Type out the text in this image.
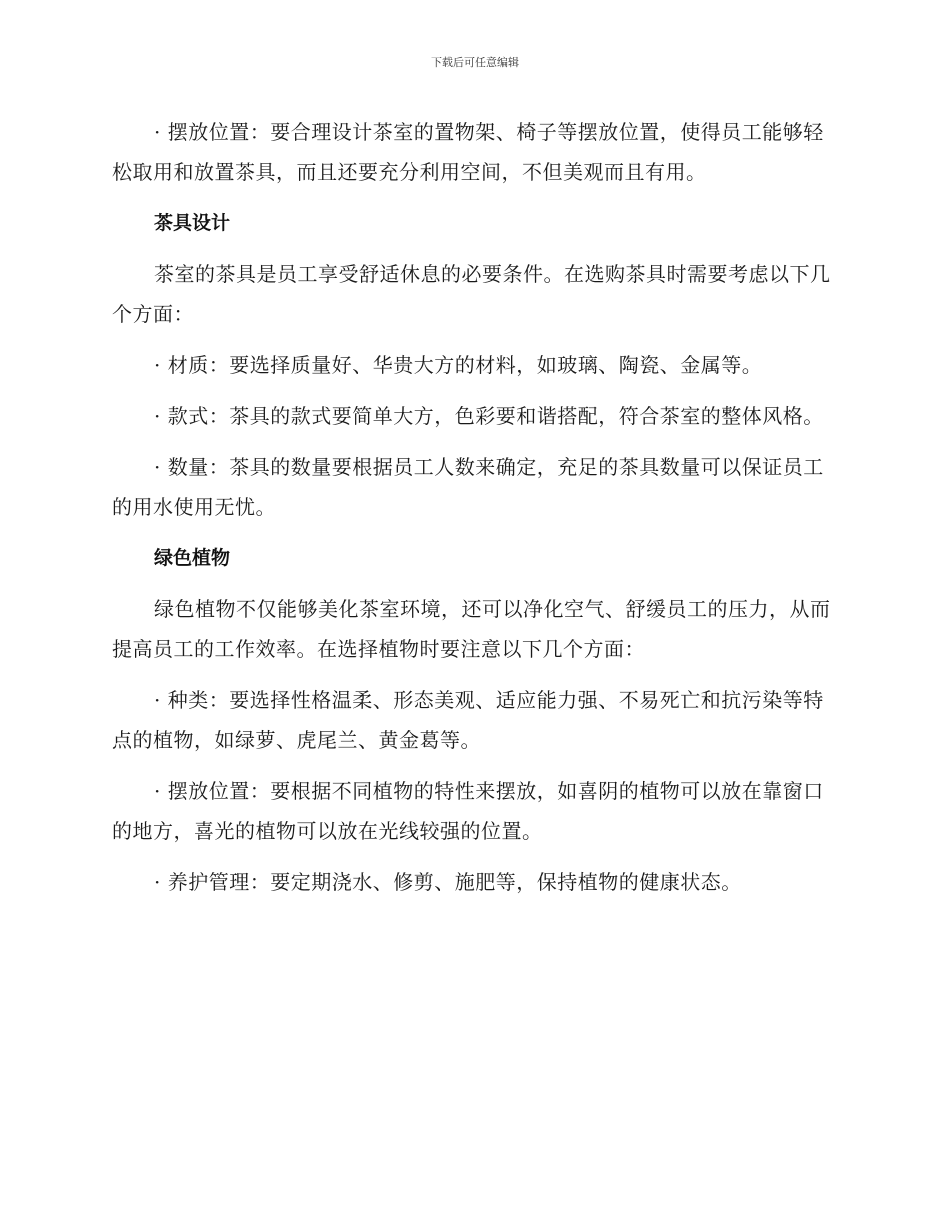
下载后可任意编辑

· 摆放位置：要合理设计茶室的置物架、椅子等摆放位置，使得员工能够轻松取用和放置茶具，而且还要充分利用空间，不但美观而且有用。

茶具设计

茶室的茶具是员工享受舒适休息的必要条件。在选购茶具时需要考虑以下几个方面：

· 材质：要选择质量好、华贵大方的材料，如玻璃、陶瓷、金属等。

· 款式：茶具的款式要简单大方，色彩要和谐搭配，符合茶室的整体风格。

· 数量：茶具的数量要根据员工人数来确定，充足的茶具数量可以保证员工的用水使用无忧。

绿色植物

绿色植物不仅能够美化茶室环境，还可以净化空气、舒缓员工的压力，从而提高员工的工作效率。在选择植物时要注意以下几个方面：

· 种类：要选择性格温柔、形态美观、适应能力强、不易死亡和抗污染等特点的植物，如绿萝、虎尾兰、黄金葛等。

· 摆放位置：要根据不同植物的特性来摆放，如喜阴的植物可以放在靠窗口的地方，喜光的植物可以放在光线较强的位置。

· 养护管理：要定期浇水、修剪、施肥等，保持植物的健康状态。
